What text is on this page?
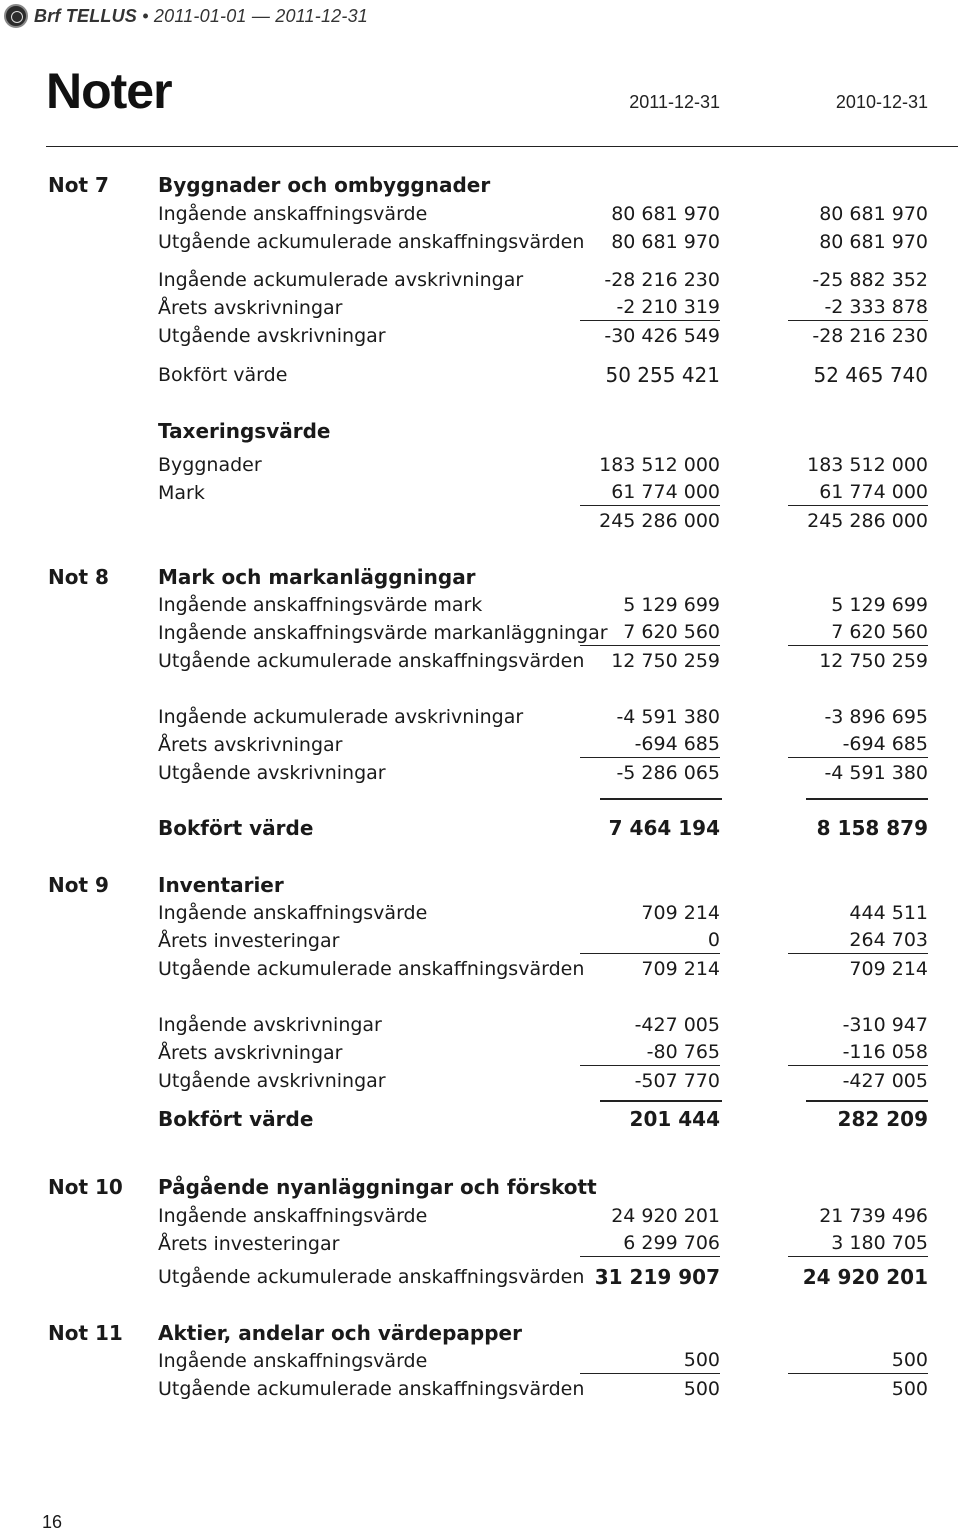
Brf TELLUS • 2011-01-01 — 2011-12-31
Noter	2011-12-31	2010-12-31
Not 7 Byggnader och ombyggnader
Ingående anskaffningsvärde	80 681 970	80 681 970
Utgående ackumulerade anskaffningsvärden	80 681 970	80 681 970
Ingående ackumulerade avskrivningar	-28 216 230	-25 882 352
Årets avskrivningar	-2 210 319	-2 333 878
Utgående avskrivningar	-30 426 549	-28 216 230
Bokfört värde	50 255 421	52 465 740
Taxeringsvärde
Byggnader	183 512 000	183 512 000
Mark	61 774 000	61 774 000
245 286 000	245 286 000
Not 8 Mark och markanläggningar
Ingående anskaffningsvärde mark	5 129 699	5 129 699
Ingående anskaffningsvärde markanläggningar 7 620 560	7 620 560
Utgående ackumulerade anskaffningsvärden	12 750 259	12 750 259
Ingående ackumulerade avskrivningar	-4 591 380	-3 896 695
Årets avskrivningar	-694 685	-694 685
Utgående avskrivningar	-5 286 065	-4 591 380
Bokfört värde	7 464 194	8 158 879
Not 9 Inventarier
Ingående anskaffningsvärde	709 214	444 511
Årets investeringar	0	264 703
Utgående ackumulerade anskaffningsvärden	709 214	709 214
Ingående avskrivningar	-427 005	-310 947
Årets avskrivningar	-80 765	-116 058
Utgående avskrivningar	-507 770	-427 005
Bokfört värde	201 444	282 209
Not 10 Pågående nyanläggningar och förskott
Ingående anskaffningsvärde	24 920 201	21 739 496
Årets investeringar	6 299 706	3 180 705
Utgående ackumulerade anskaffningsvärden 31 219 907	24 920 201
Not 11 Aktier, andelar och värdepapper
Ingående anskaffningsvärde	500	500
Utgående ackumulerade anskaffningsvärden	500	500
16
